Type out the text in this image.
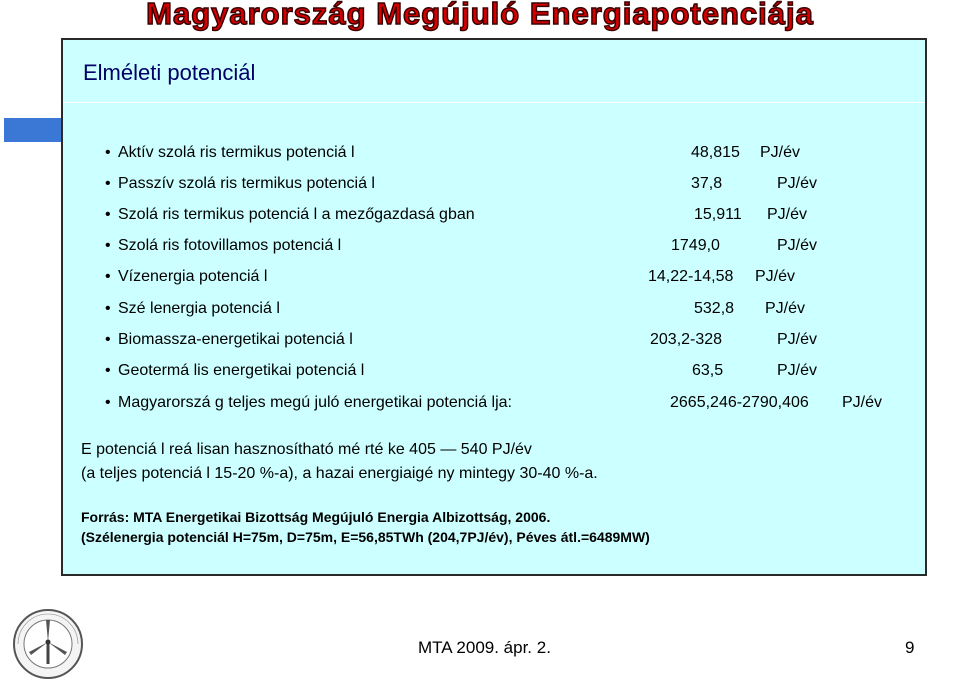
Magyarország Megújuló Energiapotenciája
Elméleti potenciál
• Aktív szolá ris termikus potenciá l	48,815 PJ/év
• Passzív szolá ris termikus potenciá l	37,8	PJ/év
• Szolá ris termikus potenciá l a mezőgazdasá gban	15,911 PJ/év
• Szolá ris fotovillamos potenciá l	1749,0	PJ/év
• Vízenergia potenciá l	14,22-14,58 PJ/év
• Szé lenergia potenciá l	532,8 PJ/év
• Biomassza-energetikai potenciá l	203,2-328	PJ/év
• Geotermá lis energetikai potenciá l	63,5	PJ/év
• Magyarorszá g teljes megú juló energetikai potenciá lja:	2665,246-2790,406 PJ/év
E potenciá l reá lisan hasznosítható mé rté ke 405 — 540 PJ/év
(a teljes potenciá l 15-20 %-a), a hazai energiaigé ny mintegy 30-40 %-a.
Forrás: MTA Energetikai Bizottság Megújuló Energia Albizottság, 2006.
(Szélenergia potenciál H=75m, D=75m, E=56,85TWh (204,7PJ/év), Péves átl.=6489MW)
MTA 2009. ápr. 2.	9
